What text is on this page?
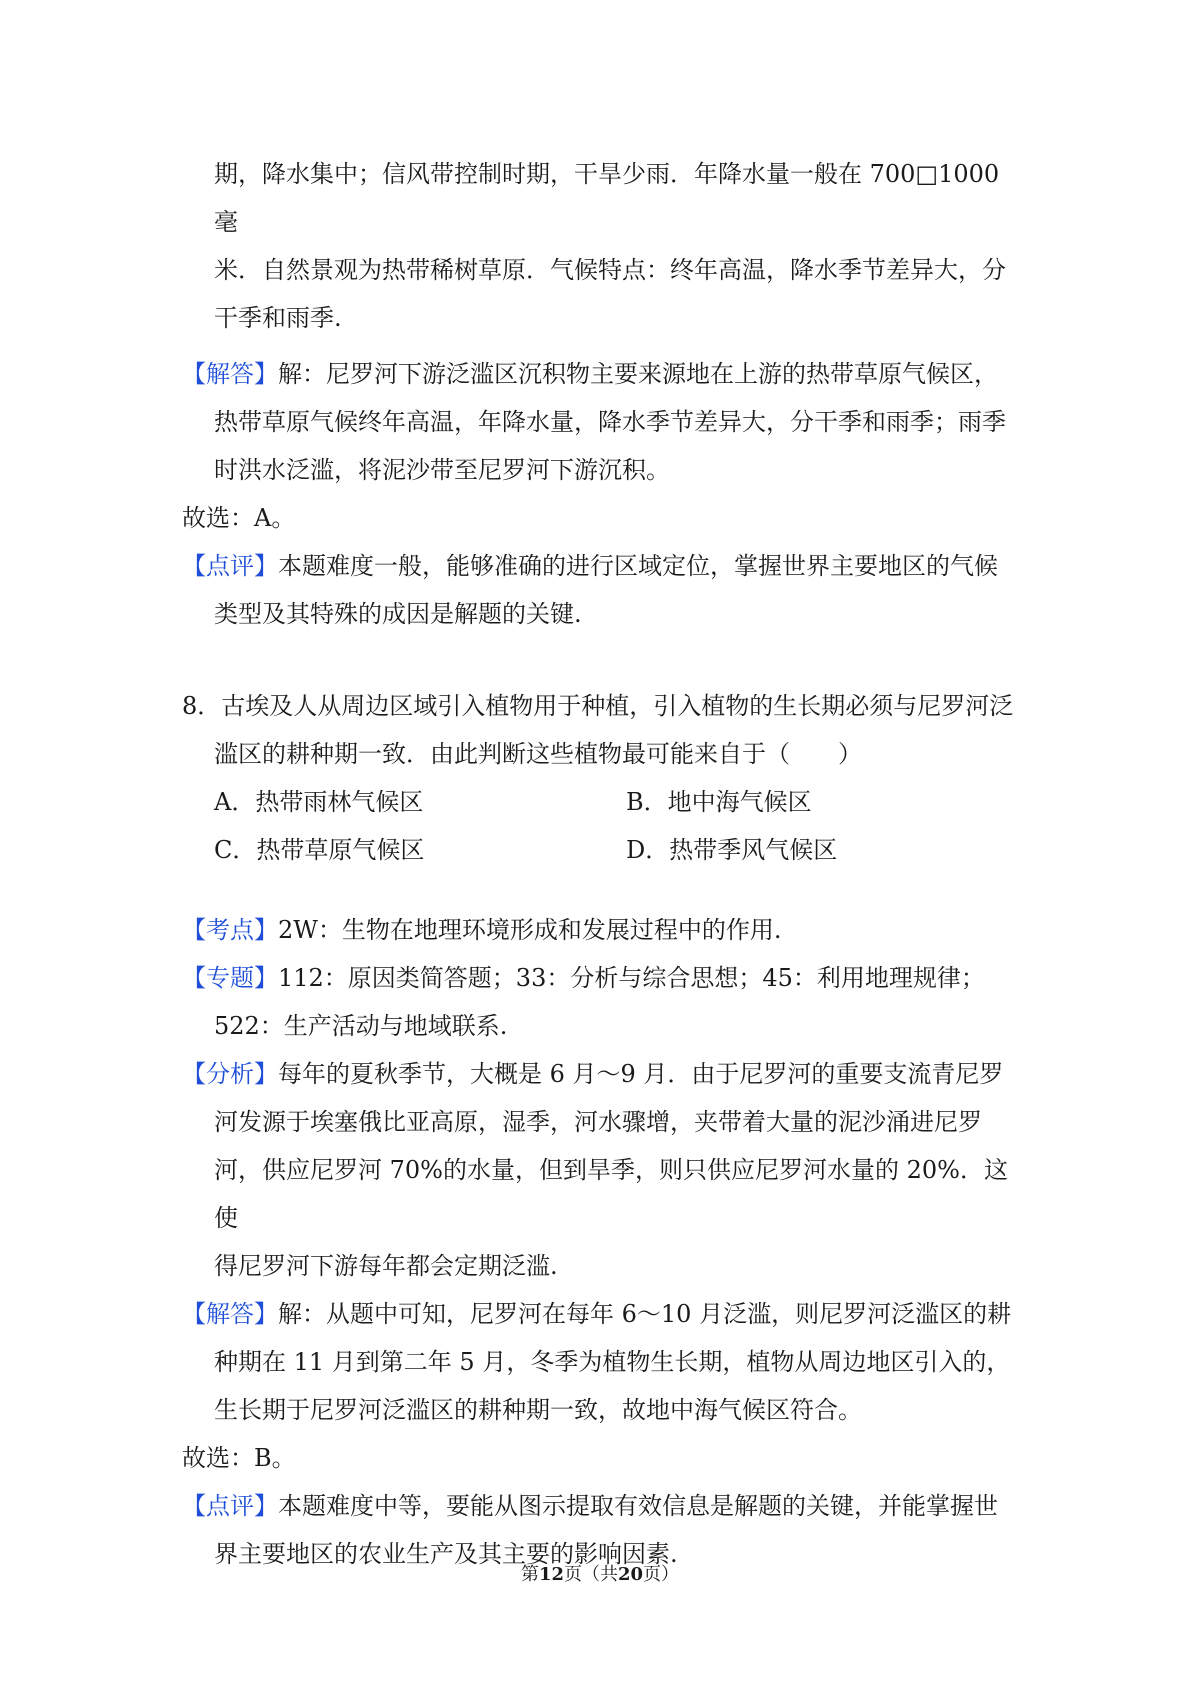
期，降水集中；信风带控制时期，干旱少雨．年降水量一般在 700□1000 毫

米．自然景观为热带稀树草原．气候特点：终年高温，降水季节差异大，分

干季和雨季.

【解答】解：尼罗河下游泛滥区沉积物主要来源地在上游的热带草原气候区，

热带草原气候终年高温，年降水量，降水季节差异大，分干季和雨季；雨季

时洪水泛滥，将泥沙带至尼罗河下游沉积。

故选：A。

【点评】本题难度一般，能够准确的进行区域定位，掌握世界主要地区的气候

类型及其特殊的成因是解题的关键.

8．古埃及人从周边区域引入植物用于种植，引入植物的生长期必须与尼罗河泛

滥区的耕种期一致．由此判断这些植物最可能来自于（　　）

A．热带雨林气候区	B．地中海气候区
C．热带草原气候区	D．热带季风气候区

【考点】2W：生物在地理环境形成和发展过程中的作用.

【专题】112：原因类简答题；33：分析与综合思想；45：利用地理规律；

522：生产活动与地域联系.

【分析】每年的夏秋季节，大概是 6 月～9 月．由于尼罗河的重要支流青尼罗

河发源于埃塞俄比亚高原，湿季，河水骤增，夹带着大量的泥沙涌进尼罗

河，供应尼罗河 70%的水量，但到旱季，则只供应尼罗河水量的 20%．这使

得尼罗河下游每年都会定期泛滥.

【解答】解：从题中可知，尼罗河在每年 6～10 月泛滥，则尼罗河泛滥区的耕

种期在 11 月到第二年 5 月，冬季为植物生长期，植物从周边地区引入的，

生长期于尼罗河泛滥区的耕种期一致，故地中海气候区符合。

故选：B。

【点评】本题难度中等，要能从图示提取有效信息是解题的关键，并能掌握世

界主要地区的农业生产及其主要的影响因素.

第12页（共20页）
